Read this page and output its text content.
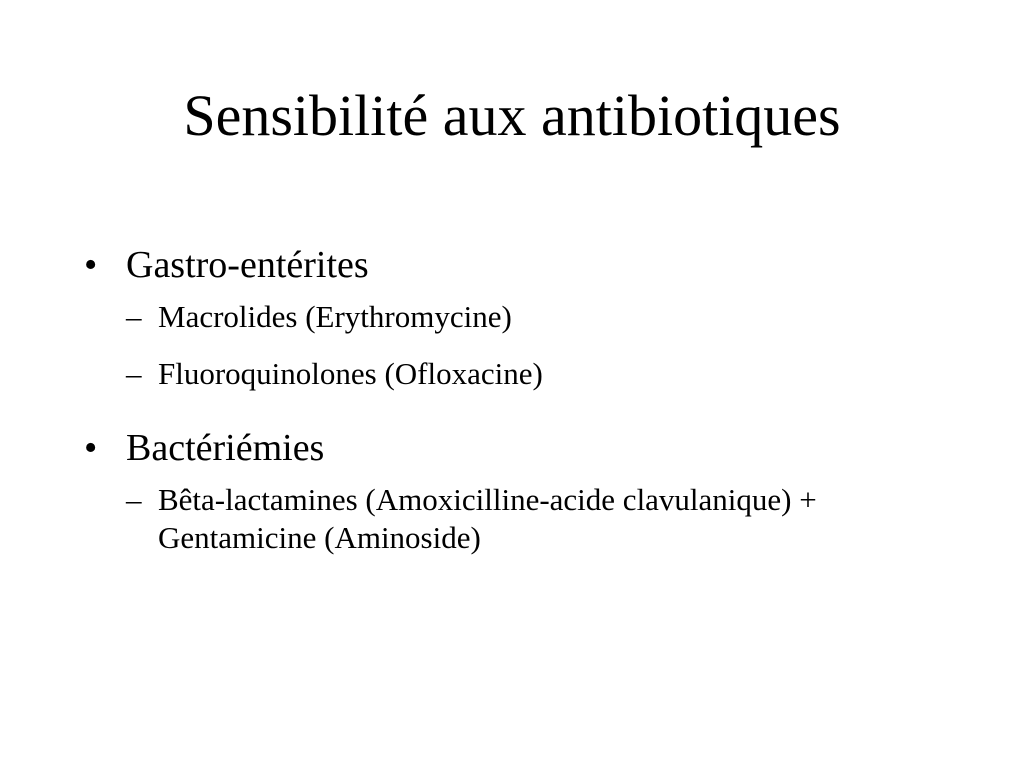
Sensibilité aux antibiotiques
• Gastro-entérites
– Macrolides (Erythromycine)
– Fluoroquinolones (Ofloxacine)
• Bactériémies
– Bêta-lactamines (Amoxicilline-acide clavulanique) + Gentamicine (Aminoside)
